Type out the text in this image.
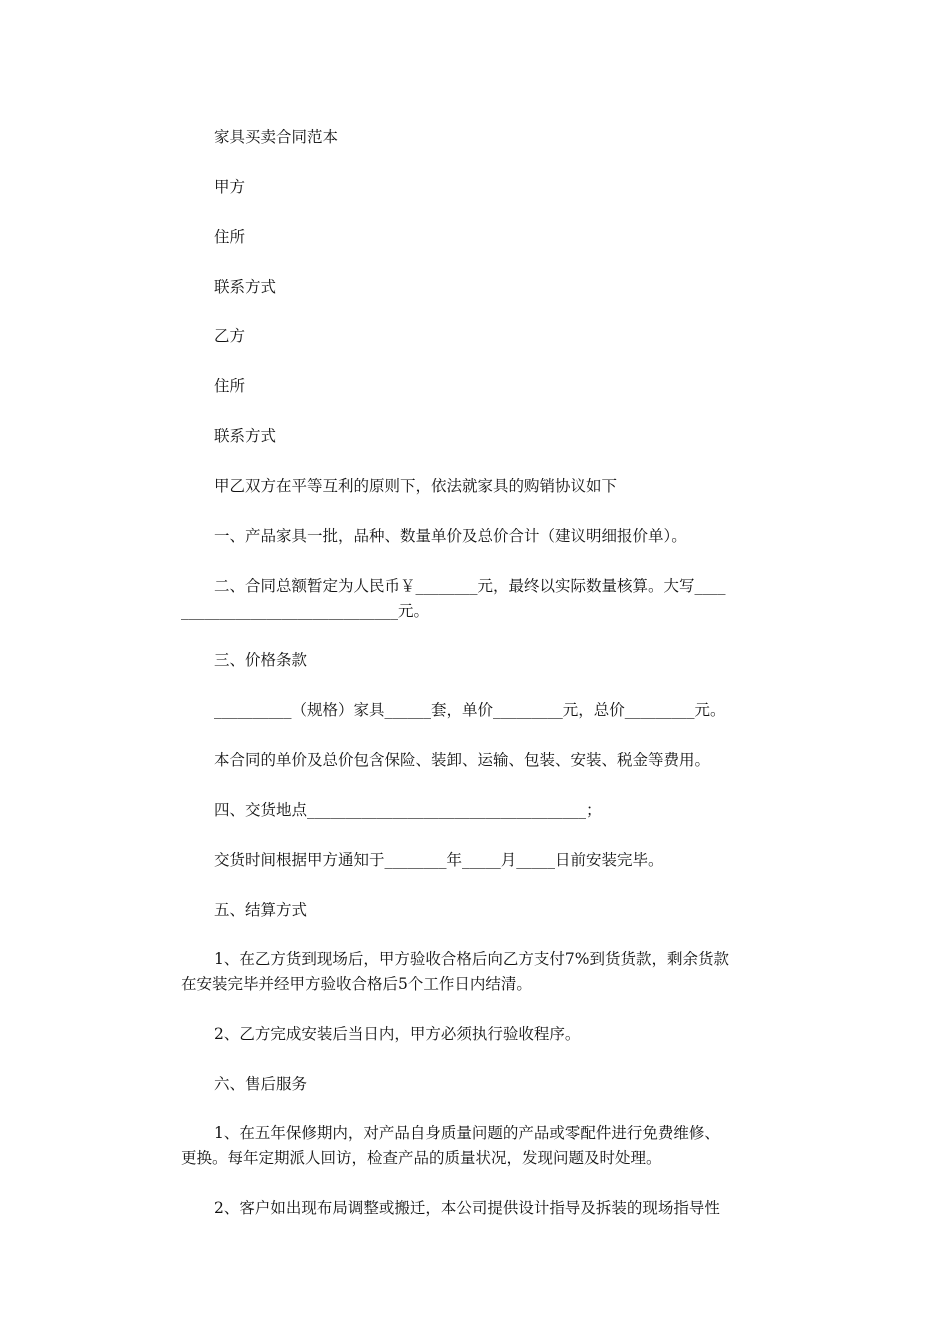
家具买卖合同范本
甲方
住所
联系方式
乙方
住所
联系方式
甲乙双方在平等互利的原则下，依法就家具的购销协议如下
一、产品家具一批，品种、数量单价及总价合计（建议明细报价单）。
二、合同总额暂定为人民币￥________元，最终以实际数量核算。大写____
____________________________元。
三、价格条款
__________（规格）家具______套，单价_________元，总价_________元。
本合同的单价及总价包含保险、装卸、运输、包装、安装、税金等费用。
四、交货地点____________________________________；
交货时间根据甲方通知于________年_____月_____日前安装完毕。
五、结算方式
1、在乙方货到现场后，甲方验收合格后向乙方支付7%到货货款，剩余货款
在安装完毕并经甲方验收合格后5个工作日内结清。
2、乙方完成安装后当日内，甲方必须执行验收程序。
六、售后服务
1、在五年保修期内，对产品自身质量问题的产品或零配件进行免费维修、
更换。每年定期派人回访，检查产品的质量状况，发现问题及时处理。
2、客户如出现布局调整或搬迁，本公司提供设计指导及拆装的现场指导性
